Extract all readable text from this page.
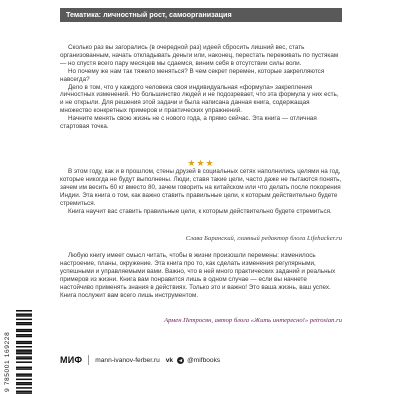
Тематика: личностный рост, самоорганизация

Сколько раз вы загорались (в очередной раз) идеей сбросить лишний вес, стать организованным, начать откладывать деньги или, наконец, перестать переживать по пустякам — но спустя всего пару месяцев мы сдаемся, виним себя в отсутствии силы воли.

Но почему же нам так тяжело меняться? В чем секрет перемен, которые закрепляются навсегда?

Дело в том, что у каждого человека своя индивидуальная «формула» закрепления личностных изменений. Но большинство людей и не подозревает, что эта формула у них есть, и не открыли. Для решения этой задачи и была написана данная книга, содержащая множество конкретных примеров и практических упражнений.

Начните менять свою жизнь не с нового года, а прямо сейчас. Эта книга — отличная стартовая точка.

★★★

В этом году, как и в прошлом, стены друзей в социальных сетях наполнились целями на год, которые никогда не будут выполнены. Люди, ставя такие цели, часто даже не пытаются понять, зачем им весить 60 кг вместо 80, зачем говорить на китайском или что делать после покорения Индии. Эта книга о том, как важно ставить правильные цели, к которым действительно будете стремиться.

Книга научит вас ставить правильные цели, к которым действительно будете стремиться.

Слава Баранский, главный редактор блога Lifehacker.ru

Любую книгу имеет смысл читать, чтобы в жизни произошли перемены: изменилось настроение, планы, окружение. Эта книга про то, как сделать изменения регулярными, успешными и управляемыми вами. Важно, что в ней много практических заданий и реальных примеров из жизни. Книга вам понравится лишь в одном случае — если вы начнете настойчиво применять знания в действиях. Только это и важно! Это ваша жизнь, ваш успех. Книга послужит вам всего лишь инструментом.

Армен Петросян, автор блога «Жить интересно!» petrosian.ru
9 785001 169228	МИФ mann-ivanov-ferber.ru vk @mifbooks
